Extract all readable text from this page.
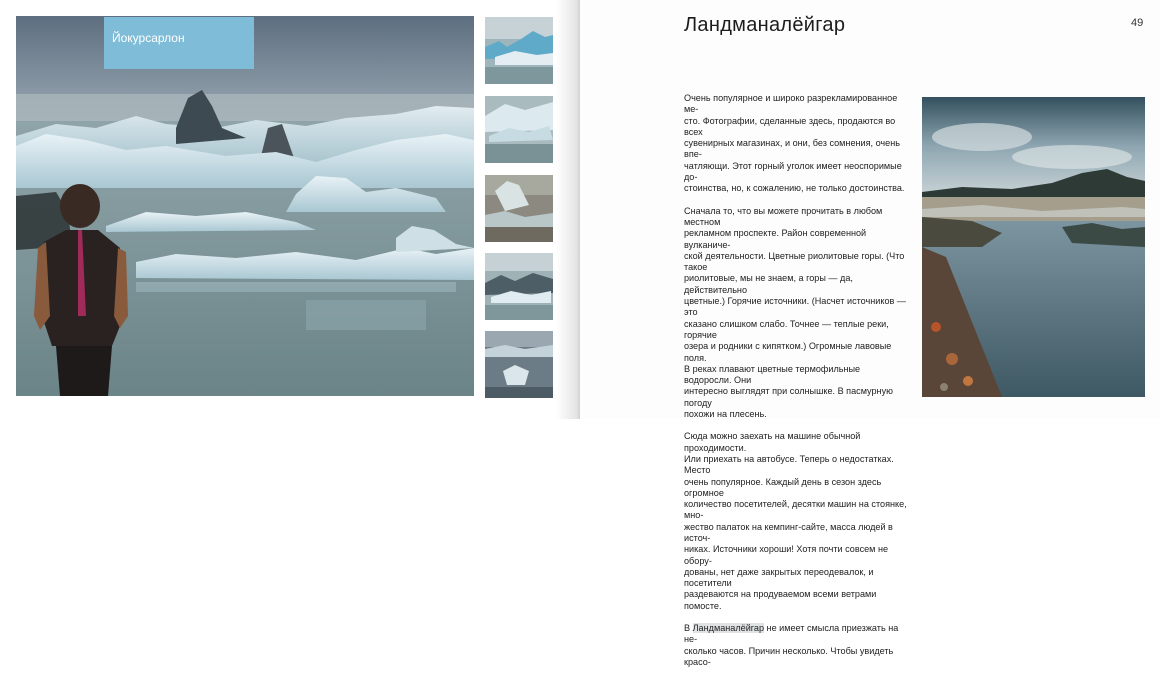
Йокурсарлон
Ландманалёйгар	49

Очень популярное и широко разрекламированное ме-
сто. Фотографии, сделанные здесь, продаются во всех
сувенирных магазинах, и они, без сомнения, очень впе-
чатляющи. Этот горный уголок имеет неоспоримые до-
стоинства, но, к сожалению, не только достоинства.

Сначала то, что вы можете прочитать в любом местном
рекламном проспекте. Район современной вулканиче-
ской деятельности. Цветные риолитовые горы. (Что такое
риолитовые, мы не знаем, а горы — да, действительно
цветные.) Горячие источники. (Насчет источников — это
сказано слишком слабо. Точнее — теплые реки, горячие
озера и родники с кипятком.) Огромные лавовые поля.
В реках плавают цветные термофильные водоросли. Они
интересно выглядят при солнышке. В пасмурную погоду
похожи на плесень.

Сюда можно заехать на машине обычной проходимости.
Или приехать на автобусе. Теперь о недостатках. Место
очень популярное. Каждый день в сезон здесь огромное
количество посетителей, десятки машин на стоянке, мно-
жество палаток на кемпинг-сайте, масса людей в источ-
никах. Источники хороши! Хотя почти совсем не обору-
дованы, нет даже закрытых переодевалок, и посетители
раздеваются на продуваемом всеми ветрами помосте.

В Ландманалёйгар не имеет смысла приезжать на не-
сколько часов. Причин несколько. Чтобы увидеть красо-
